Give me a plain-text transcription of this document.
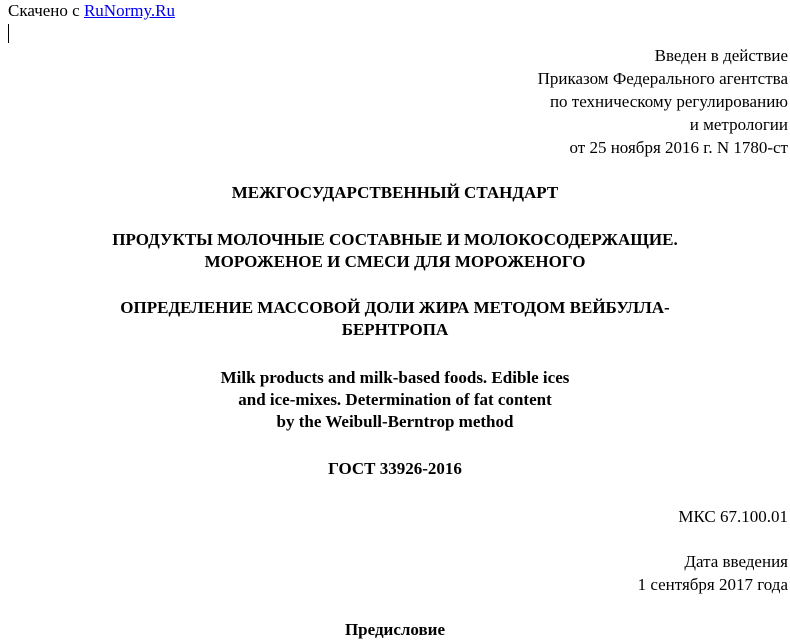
Скачено с RuNormy.Ru
Введен в действие
Приказом Федерального агентства
по техническому регулированию
и метрологии
от 25 ноября 2016 г. N 1780-ст
МЕЖГОСУДАРСТВЕННЫЙ СТАНДАРТ
ПРОДУКТЫ МОЛОЧНЫЕ СОСТАВНЫЕ И МОЛОКОСОДЕРЖАЩИЕ.
МОРОЖЕНОЕ И СМЕСИ ДЛЯ МОРОЖЕНОГО
ОПРЕДЕЛЕНИЕ МАССОВОЙ ДОЛИ ЖИРА МЕТОДОМ ВЕЙБУЛЛА-
БЕРНТРОПА
Milk products and milk-based foods. Edible ices
and ice-mixes. Determination of fat content
by the Weibull-Berntrop method
ГОСТ 33926-2016
МКС 67.100.01
Дата введения
1 сентября 2017 года
Предисловие
